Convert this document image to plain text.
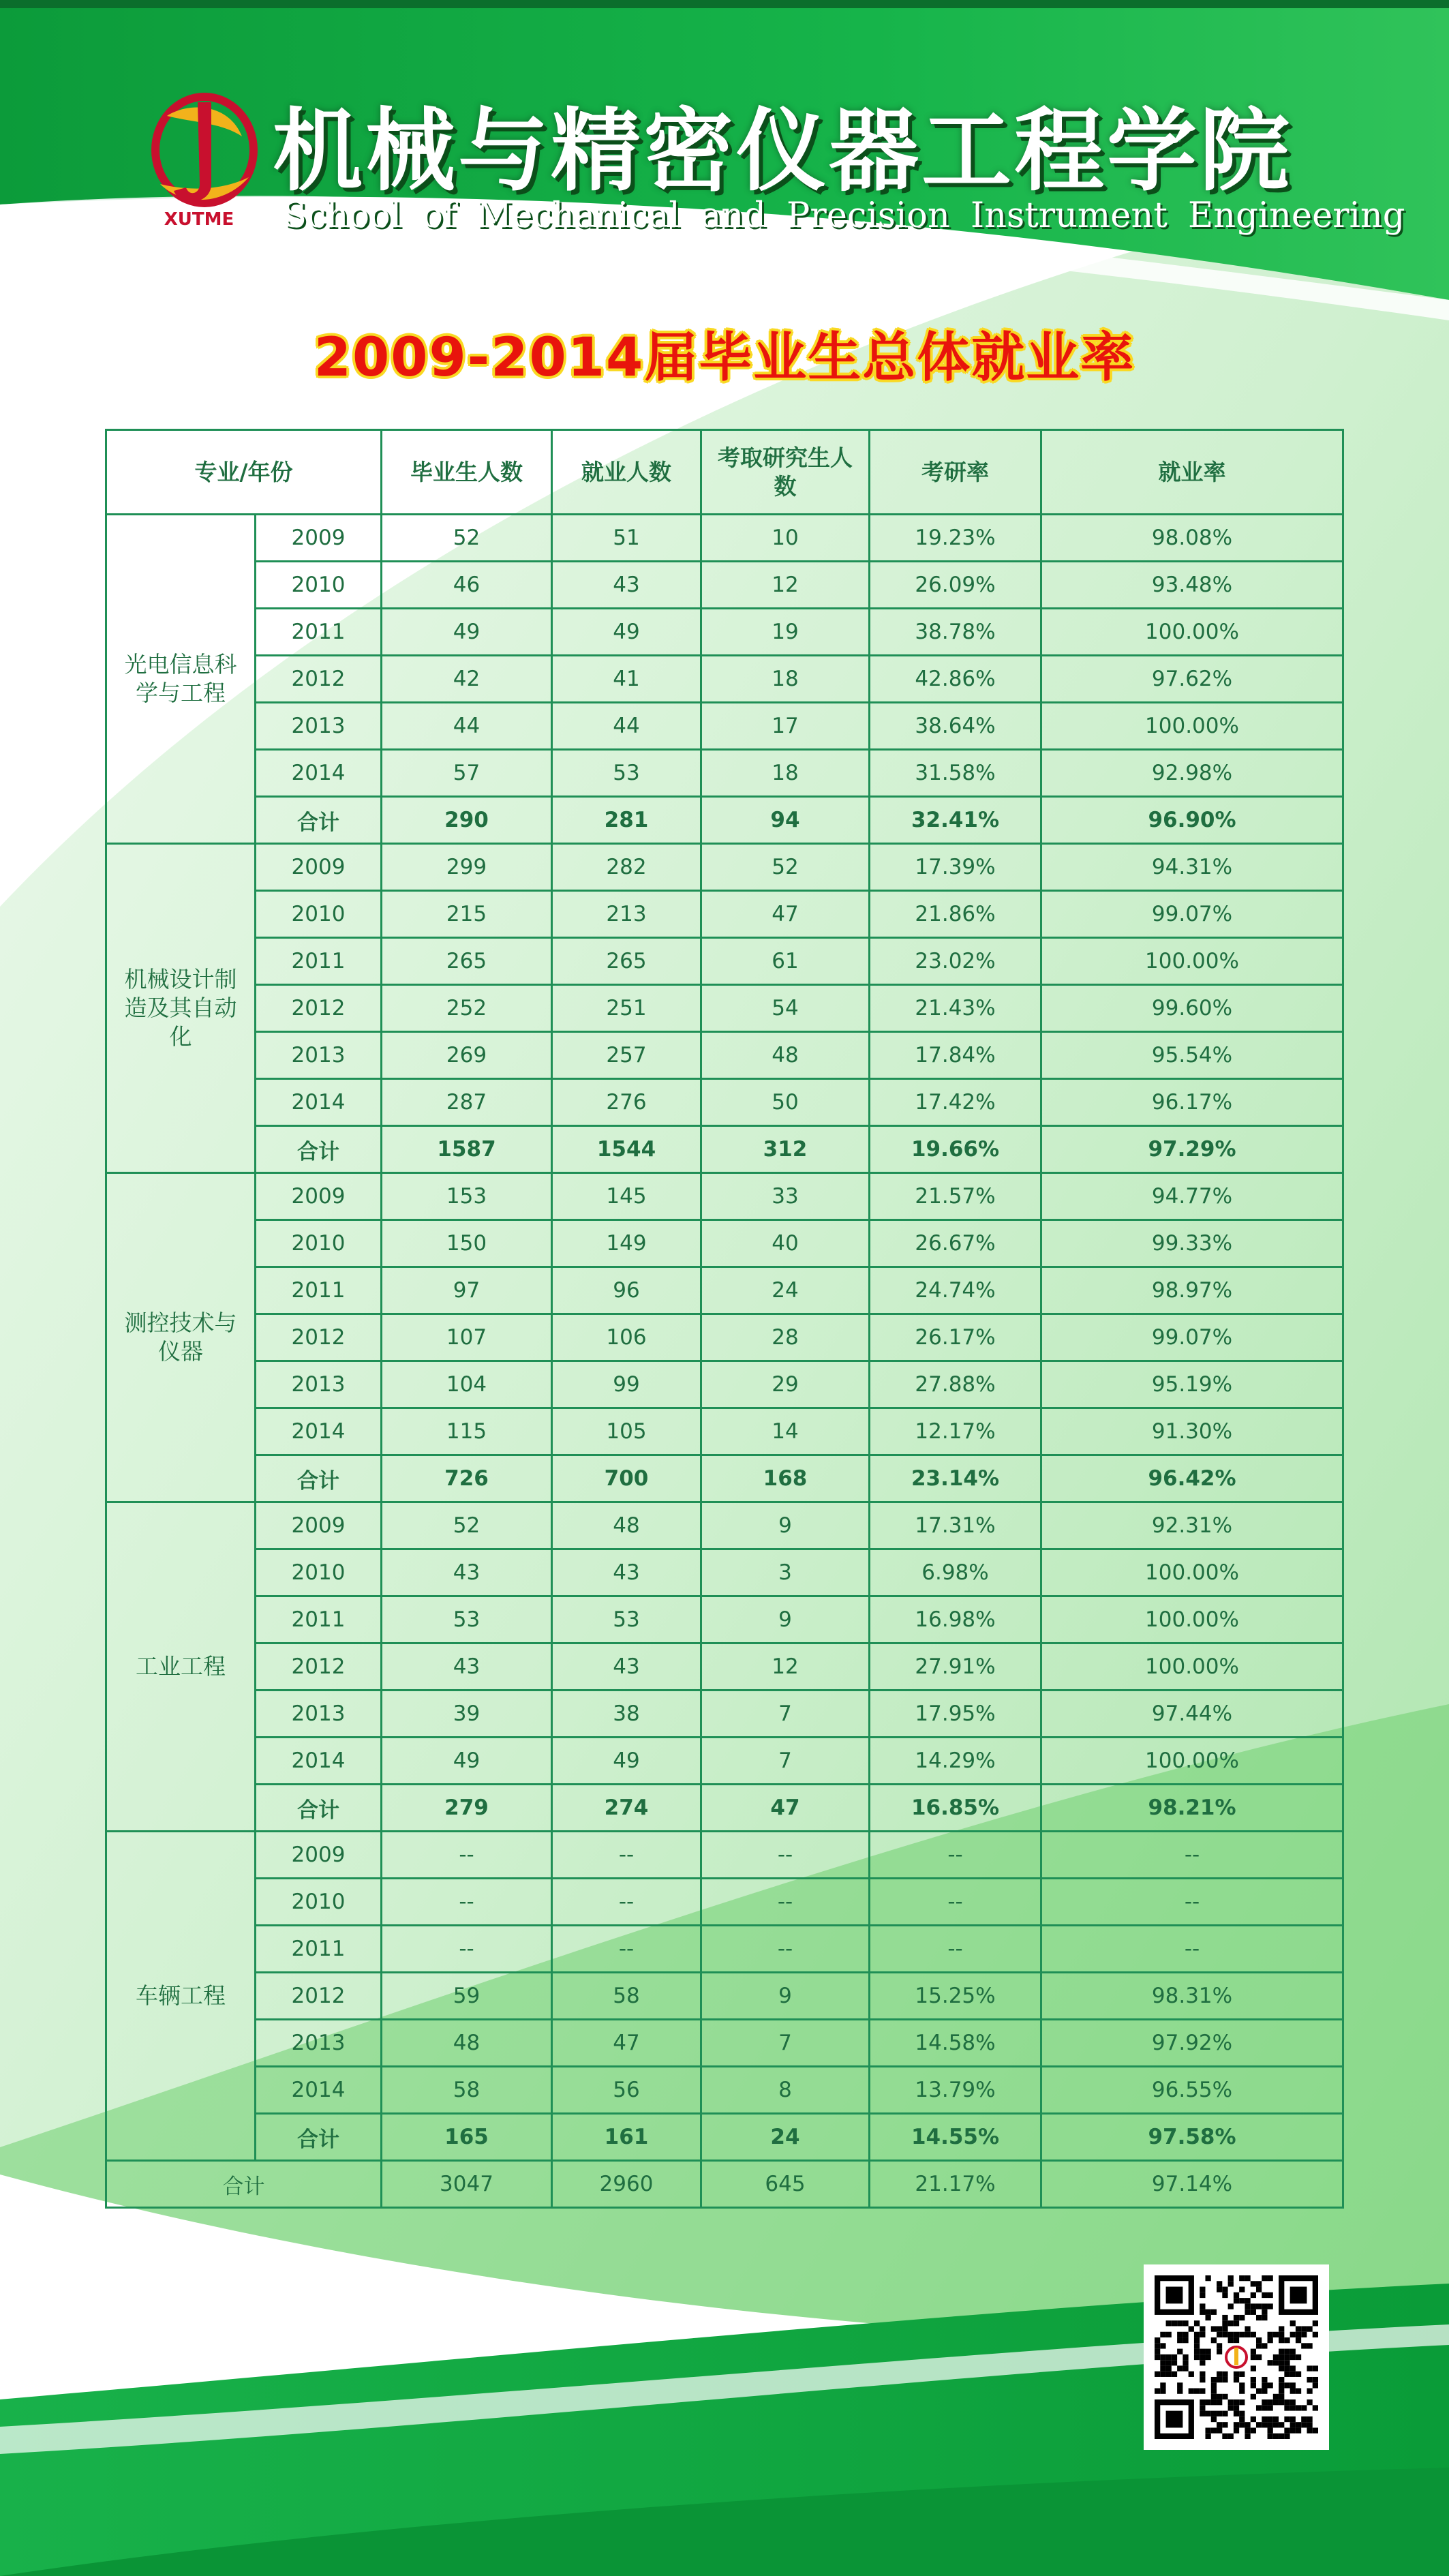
XUTME
机械与精密仪器工程学院
School of Mechanical and Precision Instrument Engineering
2009-2014届毕业生总体就业率
专业/年份		毕业生人数	就业人数	考取研究生人数	考研率	就业率
光电信息科学与工程	2009	52	51	10	19.23%	98.08%
	2010	46	43	12	26.09%	93.48%
	2011	49	49	19	38.78%	100.00%
	2012	42	41	18	42.86%	97.62%
	2013	44	44	17	38.64%	100.00%
	2014	57	53	18	31.58%	92.98%
	合计	290	281	94	32.41%	96.90%
机械设计制造及其自动化	2009	299	282	52	17.39%	94.31%
	2010	215	213	47	21.86%	99.07%
	2011	265	265	61	23.02%	100.00%
	2012	252	251	54	21.43%	99.60%
	2013	269	257	48	17.84%	95.54%
	2014	287	276	50	17.42%	96.17%
	合计	1587	1544	312	19.66%	97.29%
测控技术与仪器	2009	153	145	33	21.57%	94.77%
	2010	150	149	40	26.67%	99.33%
	2011	97	96	24	24.74%	98.97%
	2012	107	106	28	26.17%	99.07%
	2013	104	99	29	27.88%	95.19%
	2014	115	105	14	12.17%	91.30%
	合计	726	700	168	23.14%	96.42%
工业工程	2009	52	48	9	17.31%	92.31%
	2010	43	43	3	6.98%	100.00%
	2011	53	53	9	16.98%	100.00%
	2012	43	43	12	27.91%	100.00%
	2013	39	38	7	17.95%	97.44%
	2014	49	49	7	14.29%	100.00%
	合计	279	274	47	16.85%	98.21%
车辆工程	2009	--	--	--	--	--
	2010	--	--	--	--	--
	2011	--	--	--	--	--
	2012	59	58	9	15.25%	98.31%
	2013	48	47	7	14.58%	97.92%
	2014	58	56	8	13.79%	96.55%
	合计	165	161	24	14.55%	97.58%
合计		3047	2960	645	21.17%	97.14%
